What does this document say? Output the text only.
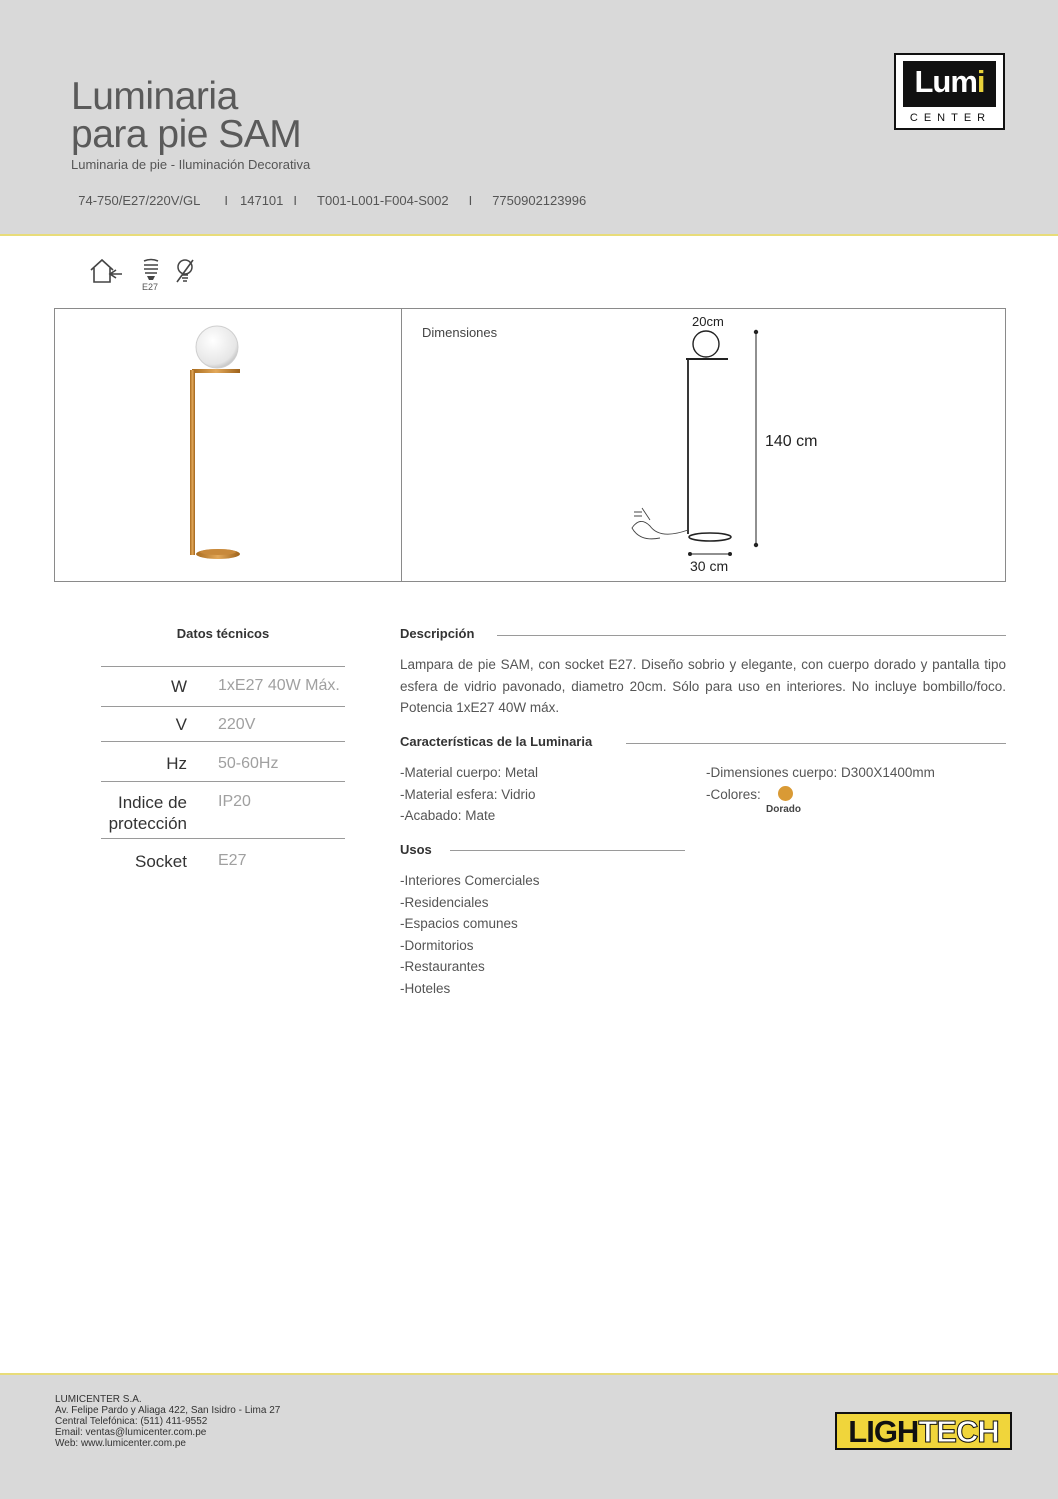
Luminaria
para pie SAM
Luminaria de pie - Iluminación Decorativa

74-750/E27/220V/GL I 147101 I T001-L001-F004-S002 I 7750902123996

Lumi
CENTER
E27
Dimensiones
20cm
140 cm
30 cm
Datos técnicos
W 1xE27 40W Máx.
V 220V
Hz 50-60Hz
Indice de
protección
IP20
Socket E27
Descripción
Lampara de pie SAM, con socket E27. Diseño sobrio y elegante, con cuerpo dorado y pantalla tipo esfera de vidrio pavonado, diametro 20cm. Sólo para uso en interiores. No incluye bombillo/foco. Potencia 1xE27 40W máx.
Características de la Luminaria
-Material cuerpo: Metal
-Material esfera: Vidrio
-Acabado: Mate
-Dimensiones cuerpo: D300X1400mm
-Colores:
Dorado
Usos
-Interiores Comerciales
-Residenciales
-Espacios comunes
-Dormitorios
-Restaurantes
-Hoteles
LUMICENTER S.A.
Av. Felipe Pardo y Aliaga 422, San Isidro - Lima 27
Central Telefónica: (511) 411-9552
Email: ventas@lumicenter.com.pe
Web: www.lumicenter.com.pe	LIGHTECH
